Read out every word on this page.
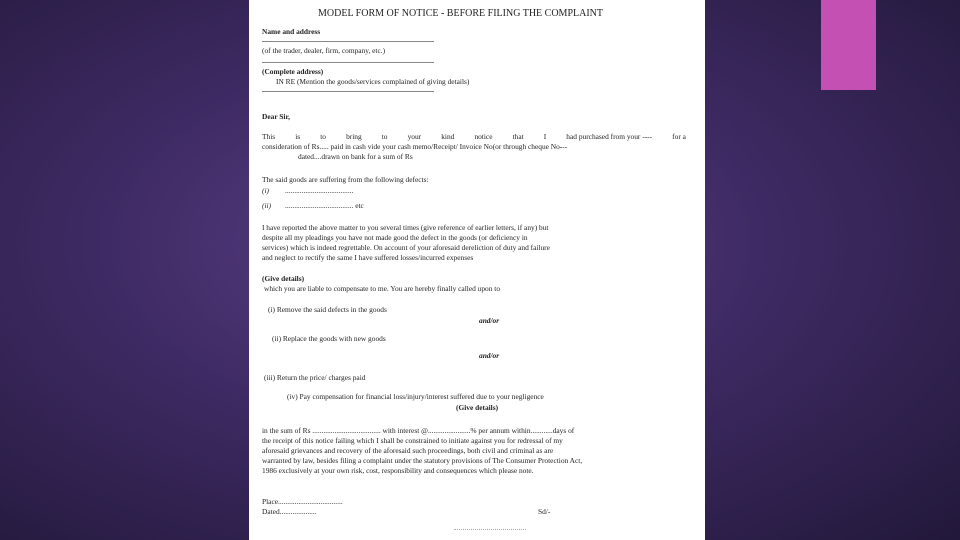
MODEL FORM OF NOTICE - BEFORE FILING THE COMPLAINT
Name and address
(of the trader, dealer, firm, company, etc.)
(Complete address)
IN RE (Mention the goods/services complained of giving details)
Dear Sir,
This	is	to	bring	to	your	kind	notice	that	I	had purchased from your ----	for a
consideration of Rs..... paid in cash vide your cash memo/Receipt/ Invoice No(or through cheque No---
dated....drawn on bank for a sum of Rs
The said goods are suffering from the following defects:
(i) .....................................
(ii) ..................................... etc
I have reported the above matter to you several times (give reference of earlier letters, if any) but
despite all my pleadings you have not made good the defect in the goods (or deficiency in
services) which is indeed regrettable. On account of your aforesaid dereliction of duty and failure
and neglect to rectify the same I have suffered losses/incurred expenses
(Give details)
which you are liable to compensate to me. You are hereby finally called upon to
(i) Remove the said defects in the goods
and/or
(ii) Replace the goods with new goods
and/or
(iii) Return the price/ charges paid
(iv) Pay compensation for financial loss/injury/interest suffered due to your negligence
(Give details)
in the sum of Rs ..................................... with interest @.......................% per annum within............days of
the receipt of this notice failing which I shall be constrained to initiate against you for redressal of my
aforesaid grievances and recovery of the aforesaid such proceedings, both civil and criminal as are
warranted by law, besides filing a complaint under the statutory provisions of The Consumer Protection Act,
1986 exclusively at your own risk, cost, responsibility and consequences which please note.
Place...................................
Dated....................	Sd/-
